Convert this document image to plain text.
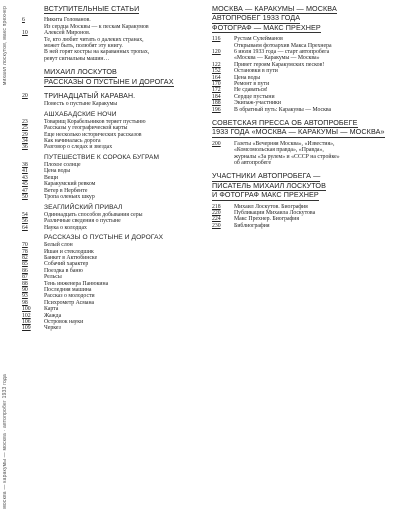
михаил лоскутов, макс прехнер
москва — каракумы — москва · автопробег 1933 года
ВСТУПИТЕЛЬНЫЕ СТАТЬИ
6	Никита Голованов.
Из сердца Москвы — к пескам Каракумов
10	Алексей Миронов.
Те, кто любит читать о далеких странах,
может быть, полюбят эту книгу.
В ней горят костры на караванных тропах,
ревут сигнальны машин…
МИХАИЛ ЛОСКУТОВ
РАССКАЗЫ О ПУСТЫНЕ И ДОРОГАХ
20	ТРИНАДЦАТЫЙ КАРАВАН.
Повесть о пустыне Каракумы
АШХАБАДСКИЕ НОЧИ
23	Товарищ Корабельников теряет пустыню
25	Рассказы у географической карты
29	Еще несколько исторических рассказов
34	Как начиналась дорога
36	Разговор о следах и звездах
ПУТЕШЕСТВИЕ К СОРОКА БУГРАМ
38	Плохое солнце
41	Цена воды
43	Вещи
45	Каракумский ревком
47	Ветер в Нербенте
50	Тропа оленьих шкур
ЗЕАГЛИЙСКИЙ ПРИВАЛ
54	Одиннадцать способов добывания серы
56	Различные сведения о пустыне
64	Наука о колодцах
РАССКАЗЫ О ПУСТЫНЕ И ДОРОГАХ
70	Белый слон
78	Ишан и стеклодшик
82	Банкет в Актюбинске
85	Собачий характер
86	Поездка в баню
87	Рельсы
88	Тень инженера Панюкина
90	Последняя машина
93	Рассказ о молодости
98	Психрометр Асмана
100	Карта
102	Жажда
106	Островок науки
109	Черкез
МОСКВА — КАРАКУМЫ — МОСКВА
АВТОПРОБЕГ 1933 ГОДА
ФОТОГРАФ — МАКС ПРЕХНЕР
116	Рустам Сулейманов
Открываем фотоархив Макса Прехнера
120	6 июля 1933 года — старт автопробега
«Москва — Каракумы — Москва»
122	Привет героям Каракумских песков!
152	Остановки в пути
164	Цена воды
170	Ремонт в пути
172	Не сдаваться!
184	Сердце пустыни
188	Экипаж-участники
196	В обратный путь: Каракумы — Москва
СОВЕТСКАЯ ПРЕССА ОБ АВТОПРОБЕГЕ
1933 ГОДА «МОСКВА — КАРАКУМЫ — МОСКВА»
200	Газеты «Вечерняя Москва», «Известия»,
«Комсомольская правда», «Правда»,
журналы «За рулем» и «СССР на стройке»
об автопробеге
УЧАСТНИКИ АВТОПРОБЕГА —
ПИСАТЕЛЬ МИХАИЛ ЛОСКУТОВ
И ФОТОГРАФ МАКС ПРЕХНЕР
218	Михаил Лоскутов. Биография
220	Публикации Михаила Лоскутова
224	Макс Прехнер. Биография
230	Библиография
